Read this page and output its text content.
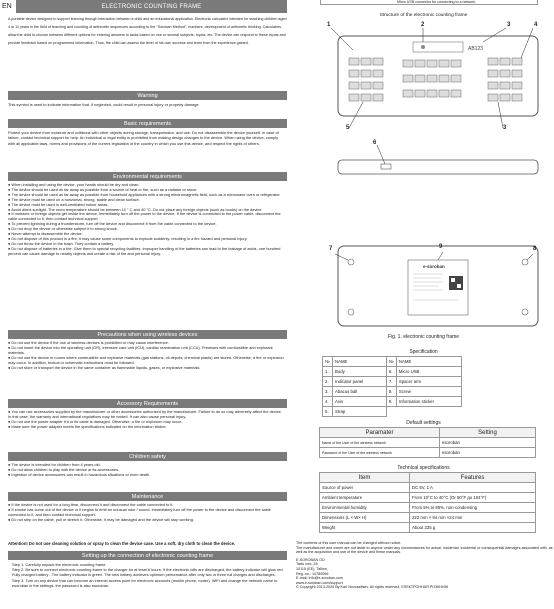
EN	ELECTRONIC COUNTING FRAME

A portable device designed to support learning through interaction between a child and an educational application. Electronic calculator intended for teaching children aged 4 to 11 years in the field of teaching and counting of arithmetic sequences according to the "Soroban Method", numbers, development of arithmetic thinking. Calculators allow the child to choose between different options for entering answers to tasks based on one or several subjects, topics, etc. The device can respond to these inputs and provide feedback based on programmed information. Thus, the child can assess the level of his own success and learn from the experience gained.

Warning

This symbol is used to indicate information that, if neglected, could result in personal injury or property damage.

Basic requirements

Protect your device from moisture and collisions with other objects during storage, transportation, and use. Do not disassemble the device yourself. In case of failure, contact technical support for help. An individual or legal entity is prohibited from making design changes to the device. When using the device, comply with all applicable laws, norms and provisions of the current legislation of the country in which you use this device, and respect the rights of others.

Environmental requirements
● When installing and using the device, your hands should be dry and clean.
● The device should be used as far away as possible from a source of heat or fire, such as a radiator or stove.
● The device should be used as far away as possible from household appliances with a strong electromagnetic field, such as a microwave oven or refrigerator.
● The device must be used on a horizontal, strong, stable and clean surface.
● The device must be used in well-ventilated indoor areas.
● Avoid direct sunlight. The room temperature should be between 10 ° C and 40 °C. Do not place any foreign objects (such as books) on the device.
● If moisture or foreign objects get inside the device, immediately turn off the power to the device. If the device is connected to the power cable, disconnect the cable connected to it, then contact technical support.
● To prevent lightning during a thunderstorm, turn off the device and disconnect it from the cable connected to the device.
● Do not drop the device or otherwise subject it to strong shock.
● Never attempt to disassemble the device.
● Do not dispose of this product in a fire, it may cause some components to explode suddenly, resulting in a fire hazard and personal injury.
● Do not throw the device in the trash. They contain a battery.
● Do not dispose of batteries in a fire. Give them to special recycling facilities. Improper handling of the batteries can lead to the leakage of acids, one hundred percent can cause damage to nearby objects and create a risk of fire and personal injury.
Precautions when using wireless devices
● Do not use the device if the use of wireless devices is prohibited or may cause interference.
● Do not insert the device into the operating unit (OR), intensive care unit (ICU), cardiac reanimation unit (CCU). Premises with combustible and explosive materials.
● Do not use the device in rooms where combustible and explosive materials (gas stations, oil depots, chemical plants) are stored. Otherwise, a fire or explosion may occur. In addition, textual or schematic instructions must be followed.
● Do not store or transport the device in the same container as flammable liquids, gases, or explosive materials.
Accessory Requirements
● You can use accessories supplied by the manufacturer or other accessories authorized by the manufacturer. Failure to do so may adversely affect the device. In this case, the warranty and international regulations may be voided. It can also cause personal injury.
● Do not use the power adapter if it or its cable is damaged. Otherwise, a fire or explosion may occur..
● Make sure the power adapter meets the specifications indicated on the information sticker.
Children safety
● The device is intended for children from 4 years old.
● Do not allow children to play with the device or its accessories.
● Ingestion of device accessories can result in hazardous situations or even death.
Maintenance
● If the device is not used for a long time, disconnect it and disconnect the cable connected to it.
● If smoke has come out of the device or it begins to emit an unusual odor / sound, immediately turn off the power to the device and disconnect the cable connected to it, and then contact technical support.
● Do not step on the cable, pull or stretch it. Otherwise, it may be damaged and the device will stop working.

Attention! Do not use cleaning solution or spray to clean the device case. Use a soft, dry cloth to clean the device.

Setting up the connection of electronic counting frame
Step 1. Carefully unpack the electronic counting frame.
Step 2. Be sure to connect electronic counting frame to the charger for at least 6 hours. If the electronic bills are discharged, the battery indicator will glow red. Fully charged battery - The battery indicator is green. The new battery achieves optimum performance after only two or three full charges and discharges.
Step 3. Turn on any device that can become an internet access point for electronic accounts (mobile phone, router). WiFi and change the network name to esoroban in the settings, the password is also esoroban.
Micro USB connector for connecting to a network.
Structure of the electronic counting frame
AB123
1	2	3	4
5	3
6
e-soroban
7	9	8
Fig. 1. electronic counting frame
Specification
№	NAME	№	NAME
1.	Body	6.	Micro USB
2.	Indicator panel	7.	Spacer arm
3.	Abacus ball	8.	Screw
4.	Axis	9.	Information sticker
5.	Strap		
Default settings
Paramater	Setting
Name of the User of the wireless network	esoroban
Password of the User of the wireless network	esoroban
Technical specifications
Item	Features
Source of power	DC 5V, 1 A
Ambient temperature	From 10°C to 40°C (Or 50°F до 104°F)
Environmental humidity	From 5% to 85%, non-condensing
Dimensions (L × W× H)	222 mm × 94 mm ×24 mm
Weight	About 325 g
The contents of this user manual can be changed without notice.
The manufacturer and owner are not liable to anyone under any circumstances for actual, incidental, incidental or consequential damages associated with, as well as the acquisition and use of the device and these manuals.
E-SOROBAN OÜ
Tartu mnt, 28
10115 (EE), Tallinn,
Reg. no.: 14780096
E-mail: Info@e-soroban.com
www.e-soroban.com/support
© Copyright 2013-2020 By Karl Novoseltsev. All rights reserved. ЕЛЕКТРОННАЯ РОЗКНИЖ
